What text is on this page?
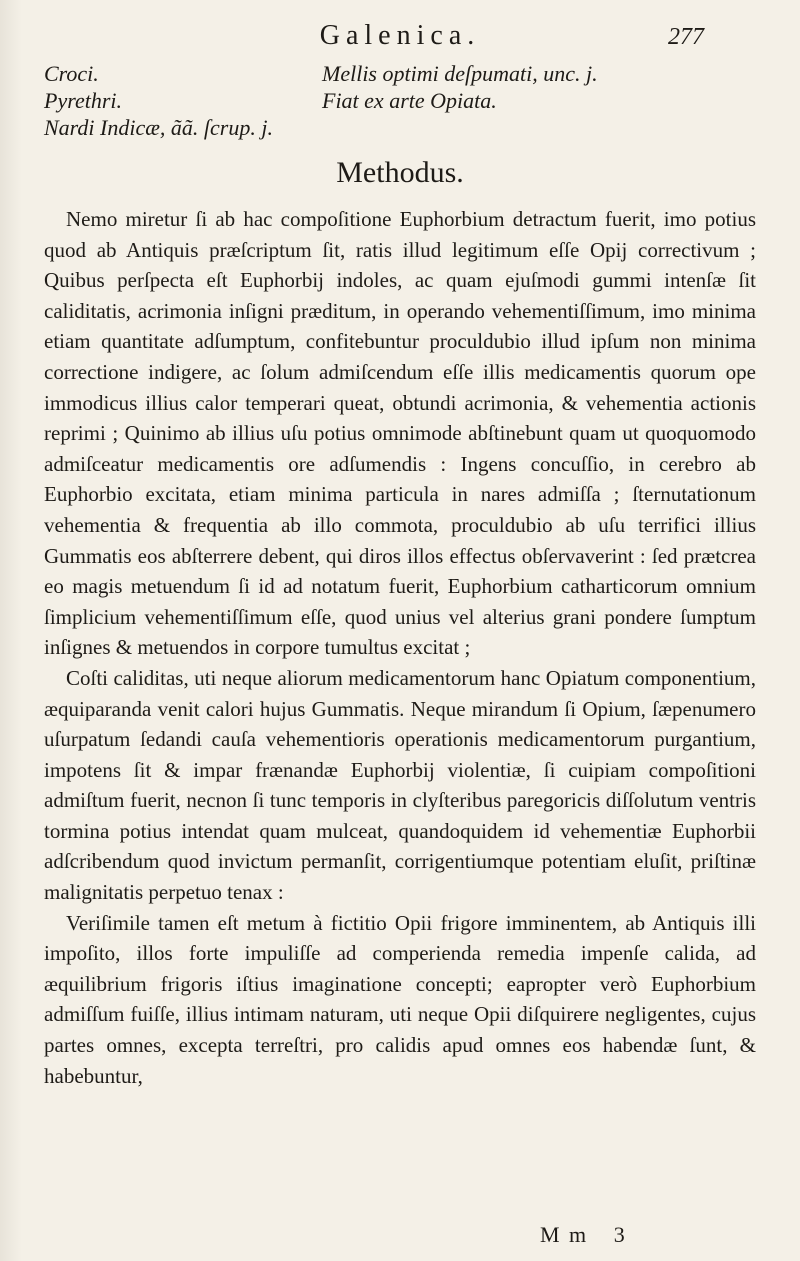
Galenica.	277
Croci.
Pyrethri.
Nardi Indicæ, ãã. ſcrup. j.
Mellis optimi deſpumati, unc. j.
Fiat ex arte Opiata.
Methodus.

Nemo miretur ſi ab hac compoſitione Euphorbium detractum fuerit, imo potius quod ab Antiquis præſcriptum ſit, ratis illud legitimum eſſe Opij correctivum ; Quibus perſpecta eſt Euphorbij indoles, ac quam ejuſmodi gummi intenſæ ſit caliditatis, acrimonia inſigni præditum, in operando vehementiſſimum, imo minima etiam quantitate adſumptum, confitebuntur proculdubio illud ipſum non minima correctione indigere, ac ſolum admiſcendum eſſe illis medicamentis quorum ope immodicus illius calor temperari queat, obtundi acrimonia, & vehementia actionis reprimi ; Quinimo ab illius uſu potius omnimode abſtinebunt quam ut quoquomodo admiſceatur medicamentis ore adſumendis : Ingens concuſſio, in cerebro ab Euphorbio excitata, etiam minima particula in nares admiſſa ; ſternutationum vehementia & frequentia ab illo commota, proculdubio ab uſu terrifici illius Gummatis eos abſterrere debent, qui diros illos effectus obſervaverint : ſed prætcrea eo magis metuendum ſi id ad notatum fuerit, Euphorbium catharticorum omnium ſimplicium vehementiſſimum eſſe, quod unius vel alterius grani pondere ſumptum inſignes & metuendos in corpore tumultus excitat ;

Coſti caliditas, uti neque aliorum medicamentorum hanc Opiatum componentium, æquiparanda venit calori hujus Gummatis. Neque mirandum ſi Opium, ſæpenumero uſurpatum ſedandi cauſa vehementioris operationis medicamentorum purgantium, impotens ſit & impar frænandæ Euphorbij violentiæ, ſi cuipiam compoſitioni admiſtum fuerit, necnon ſi tunc temporis in clyſteribus paregoricis diſſolutum ventris tormina potius intendat quam mulceat, quandoquidem id vehementiæ Euphorbii adſcribendum quod invictum permanſit, corrigentiumque potentiam eluſit, priſtinæ malignitatis perpetuo tenax :

Veriſimile tamen eſt metum à fictitio Opii frigore imminentem, ab Antiquis illi impoſito, illos forte impuliſſe ad comperienda remedia impenſe calida, ad æquilibrium frigoris iſtius imaginatione concepti; eapropter verò Euphorbium admiſſum fuiſſe, illius intimam naturam, uti neque Opii diſquirere negligentes, cujus partes omnes, excepta terreſtri, pro calidis apud omnes eos habendæ ſunt, & habebuntur,

M m 3
